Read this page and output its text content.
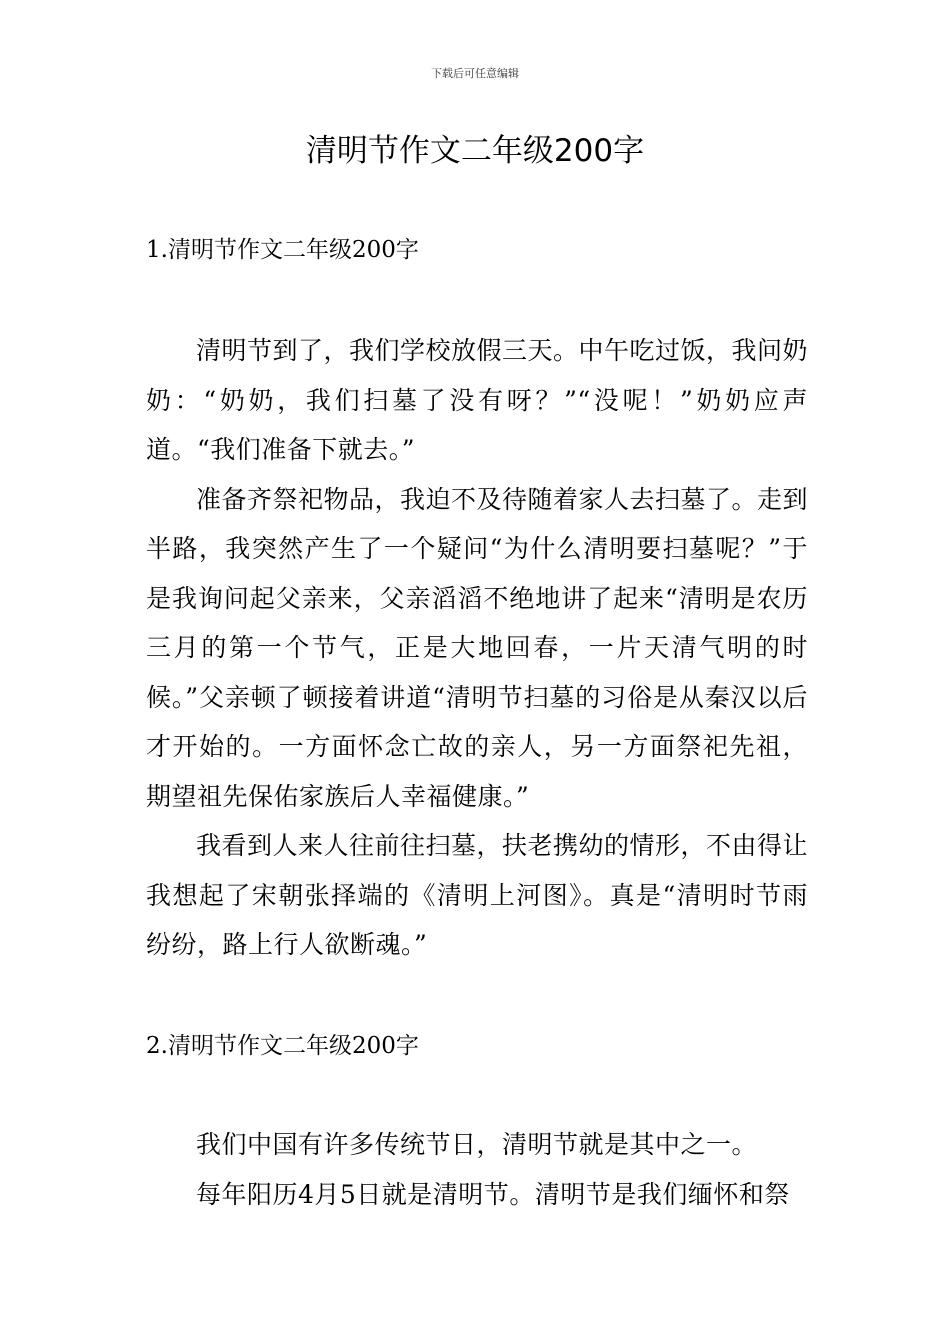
下载后可任意编辑
清明节作文二年级200字
1.清明节作文二年级200字

清明节到了，我们学校放假三天。中午吃过饭，我问奶奶：“奶奶，我们扫墓了没有呀？”“没呢！”奶奶应声道。“我们准备下就去。”

准备齐祭祀物品，我迫不及待随着家人去扫墓了。走到半路，我突然产生了一个疑问“为什么清明要扫墓呢？”于是我询问起父亲来，父亲滔滔不绝地讲了起来“清明是农历三月的第一个节气，正是大地回春，一片天清气明的时候。”父亲顿了顿接着讲道“清明节扫墓的习俗是从秦汉以后才开始的。一方面怀念亡故的亲人，另一方面祭祀先祖，期望祖先保佑家族后人幸福健康。”

我看到人来人往前往扫墓，扶老携幼的情形，不由得让我想起了宋朝张择端的《清明上河图》。真是“清明时节雨纷纷，路上行人欲断魂。”

2.清明节作文二年级200字

我们中国有许多传统节日，清明节就是其中之一。

每年阳历4月5日就是清明节。清明节是我们缅怀和祭
